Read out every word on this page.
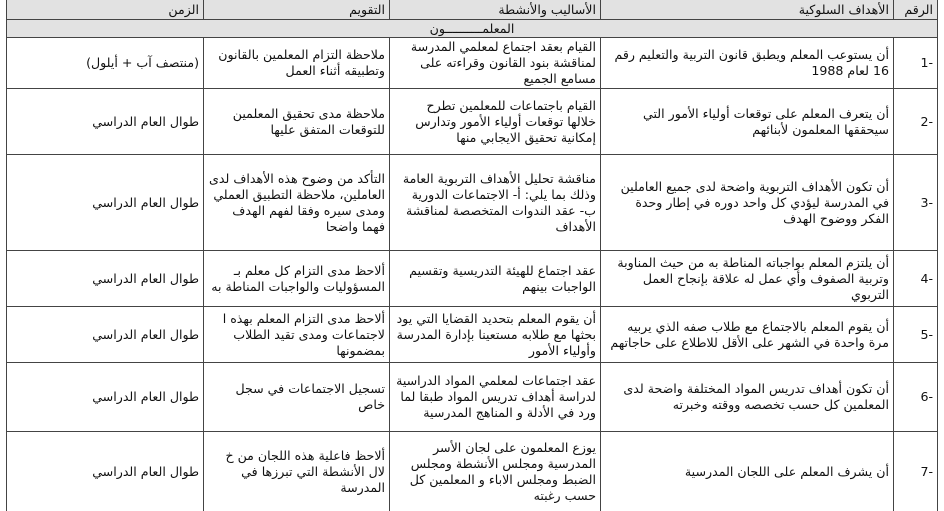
الرقم	الأهداف السلوكية	الأساليب والأنشطة	التقويم	الزمن
المعلمــــــــــون				
-1	أن يستوعب المعلم ويطبق قانون التربية والتعليم رقم 16 لعام 1988	القيام بعقد اجتماع لمعلمي المدرسة لمناقشة بنود القانون وقراءته على مسامع الجميع	ملاحظة التزام المعلمين بالقانون وتطبيقه أثناء العمل	(منتصف آب + أيلول)
-2	أن يتعرف المعلم على توقعات أولياء الأمور التي سيحققها المعلمون لأبنائهم	القيام باجتماعات للمعلمين تطرح خلالها توقعات أولياء الأمور وتدارس إمكانية تحقيق الايجابي منها	ملاحظة مدى تحقيق المعلمين للتوقعات المتفق عليها	طوال العام الدراسي
-3	أن تكون الأهداف التربوية واضحة لدى جميع العاملين في المدرسة ليؤدي كل واحد دوره في إطار وحدة الفكر ووضوح الهدف	مناقشة تحليل الأهداف التربوية العامة وذلك بما يلي: أ- الاجتماعات الدورية ب- عقد الندوات المتخصصة لمناقشة الأهداف	التأكد من وضوح هذه الأهداف لدى العاملين، ملاحظة التطبيق العملي ومدى سيره وفقا لفهم الهدف فهما واضحا	طوال العام الدراسي
-4	أن يلتزم المعلم بواجباته المناطة به من حيث المناوبة وتربية الصفوف وأي عمل له علاقة بإنجاح العمل التربوي	عقد اجتماع للهيئة التدريسية وتقسيم الواجبات بينهم	ألاحظ مدى التزام كل معلم بـ المسؤوليات والواجبات المناطة به	طوال العام الدراسي
-5	أن يقوم المعلم بالاجتماع مع طلاب صفه الذي يربيه مرة واحدة في الشهر على الأقل للاطلاع على حاجاتهم	أن يقوم المعلم بتحديد القضايا التي يود بحثها مع طلابه مستعينا بإدارة المدرسة وأولياء الأمور	ألاحظ مدى التزام المعلم بهذه ا لاجتماعات ومدى تقيد الطلاب بمضمونها	طوال العام الدراسي
-6	أن تكون أهداف تدريس المواد المختلفة واضحة لدى المعلمين كل حسب تخصصه ووقته وخبرته	عقد اجتماعات لمعلمي المواد الدراسية لدراسة أهداف تدريس المواد طبقا لما ورد في الأدلة و المناهج المدرسية	تسجيل الاجتماعات في سجل خاص	طوال العام الدراسي
-7	أن يشرف المعلم على اللجان المدرسية	يوزع المعلمون على لجان الأسر المدرسية ومجلس الأنشطة ومجلس الضبط ومجلس الاباء و المعلمين كل حسب رغبته	ألاحظ فاعلية هذه اللجان من خ لال الأنشطة التي تبرزها في المدرسة	طوال العام الدراسي
